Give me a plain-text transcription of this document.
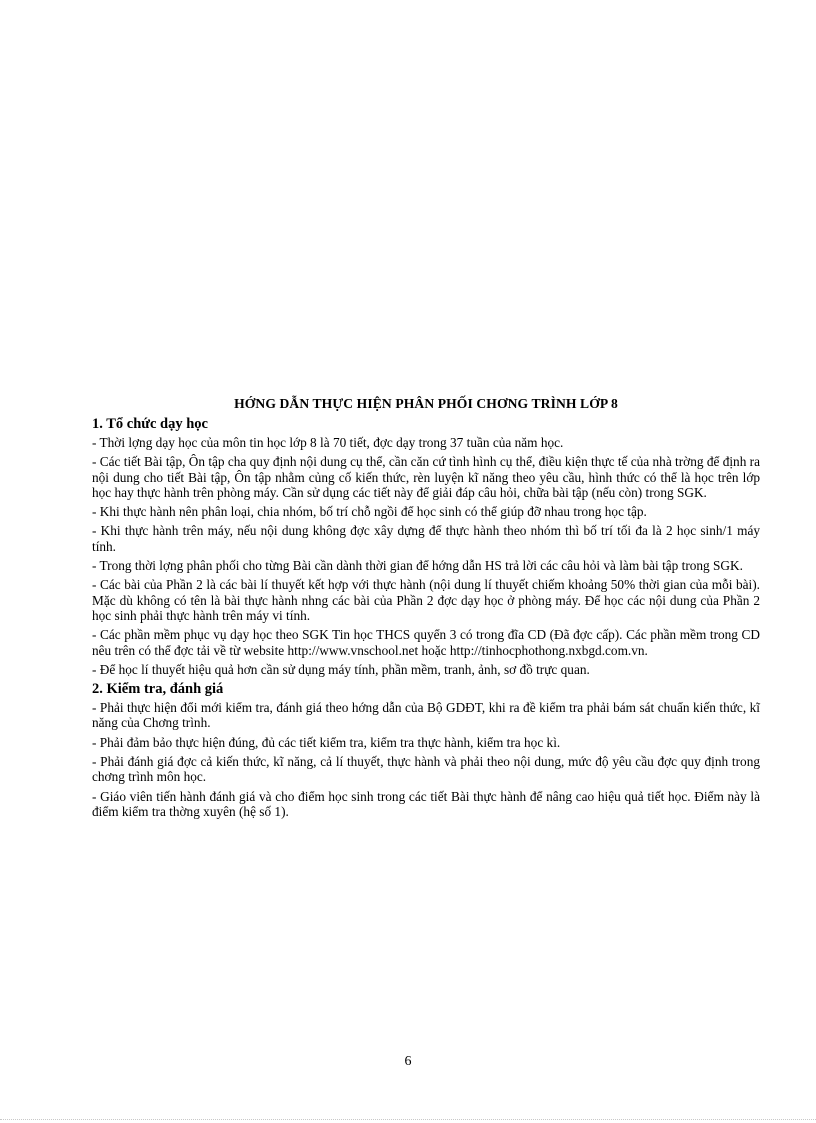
HỚNG DẪN THỰC HIỆN PHÂN PHỐI CHƠNG TRÌNH LỚP 8
1. Tổ chức dạy học

- Thời lợng dạy học của môn tin học lớp 8 là 70 tiết, đợc dạy trong 37 tuần của năm học.

- Các tiết Bài tập, Ôn tập cha quy định nội dung cụ thể, cần căn cứ tình hình cụ thể, điều kiện thực tế của nhà trờng để định ra nội dung cho tiết Bài tập, Ôn tập nhằm củng cố kiến thức, rèn luyện kĩ năng theo yêu cầu, hình thức có thể là học trên lớp học hay thực hành trên phòng máy. Cần sử dụng các tiết này để giải đáp câu hỏi, chữa bài tập (nếu còn) trong SGK.

- Khi thực hành nên phân loại, chia nhóm, bố trí chỗ ngồi để học sinh có thể giúp đỡ nhau trong học tập.

- Khi thực hành trên máy, nếu nội dung không đợc xây dựng để thực hành theo nhóm thì bố trí tối đa là 2 học sinh/1 máy tính.

- Trong thời lợng phân phối cho từng Bài cần dành thời gian để hớng dẫn HS trả lời các câu hỏi và làm bài tập trong SGK.

- Các bài của Phần 2 là các bài lí thuyết kết hợp với thực hành (nội dung lí thuyết chiếm khoảng 50% thời gian của mỗi bài). Mặc dù không có tên là bài thực hành nhng các bài của Phần 2 đợc dạy học ở phòng máy. Để học các nội dung của Phần 2 học sinh phải thực hành trên máy vi tính.

- Các phần mềm phục vụ dạy học theo SGK Tin học THCS quyển 3 có trong đĩa CD (Đã đợc cấp). Các phần mềm trong CD nêu trên có thể đợc tải về từ website http://www.vnschool.net hoặc http://tinhocphothong.nxbgd.com.vn.

- Để học lí thuyết hiệu quả hơn cần sử dụng máy tính, phần mềm, tranh, ảnh, sơ đồ trực quan.

2. Kiểm tra, đánh giá

- Phải thực hiện đổi mới kiểm tra, đánh giá theo hớng dẫn của Bộ GDĐT, khi ra đề kiểm tra phải bám sát chuẩn kiến thức, kĩ năng của Chơng trình.

- Phải đảm bảo thực hiện đúng, đủ các tiết kiểm tra, kiểm tra thực hành, kiểm tra học kì.

- Phải đánh giá đợc cả kiến thức, kĩ năng, cả lí thuyết, thực hành và phải theo nội dung, mức độ yêu cầu đợc quy định trong chơng trình môn học.

- Giáo viên tiến hành đánh giá và cho điểm học sinh trong các tiết Bài thực hành để nâng cao hiệu quả tiết học. Điểm này là điểm kiểm tra thờng xuyên (hệ số 1).

6
